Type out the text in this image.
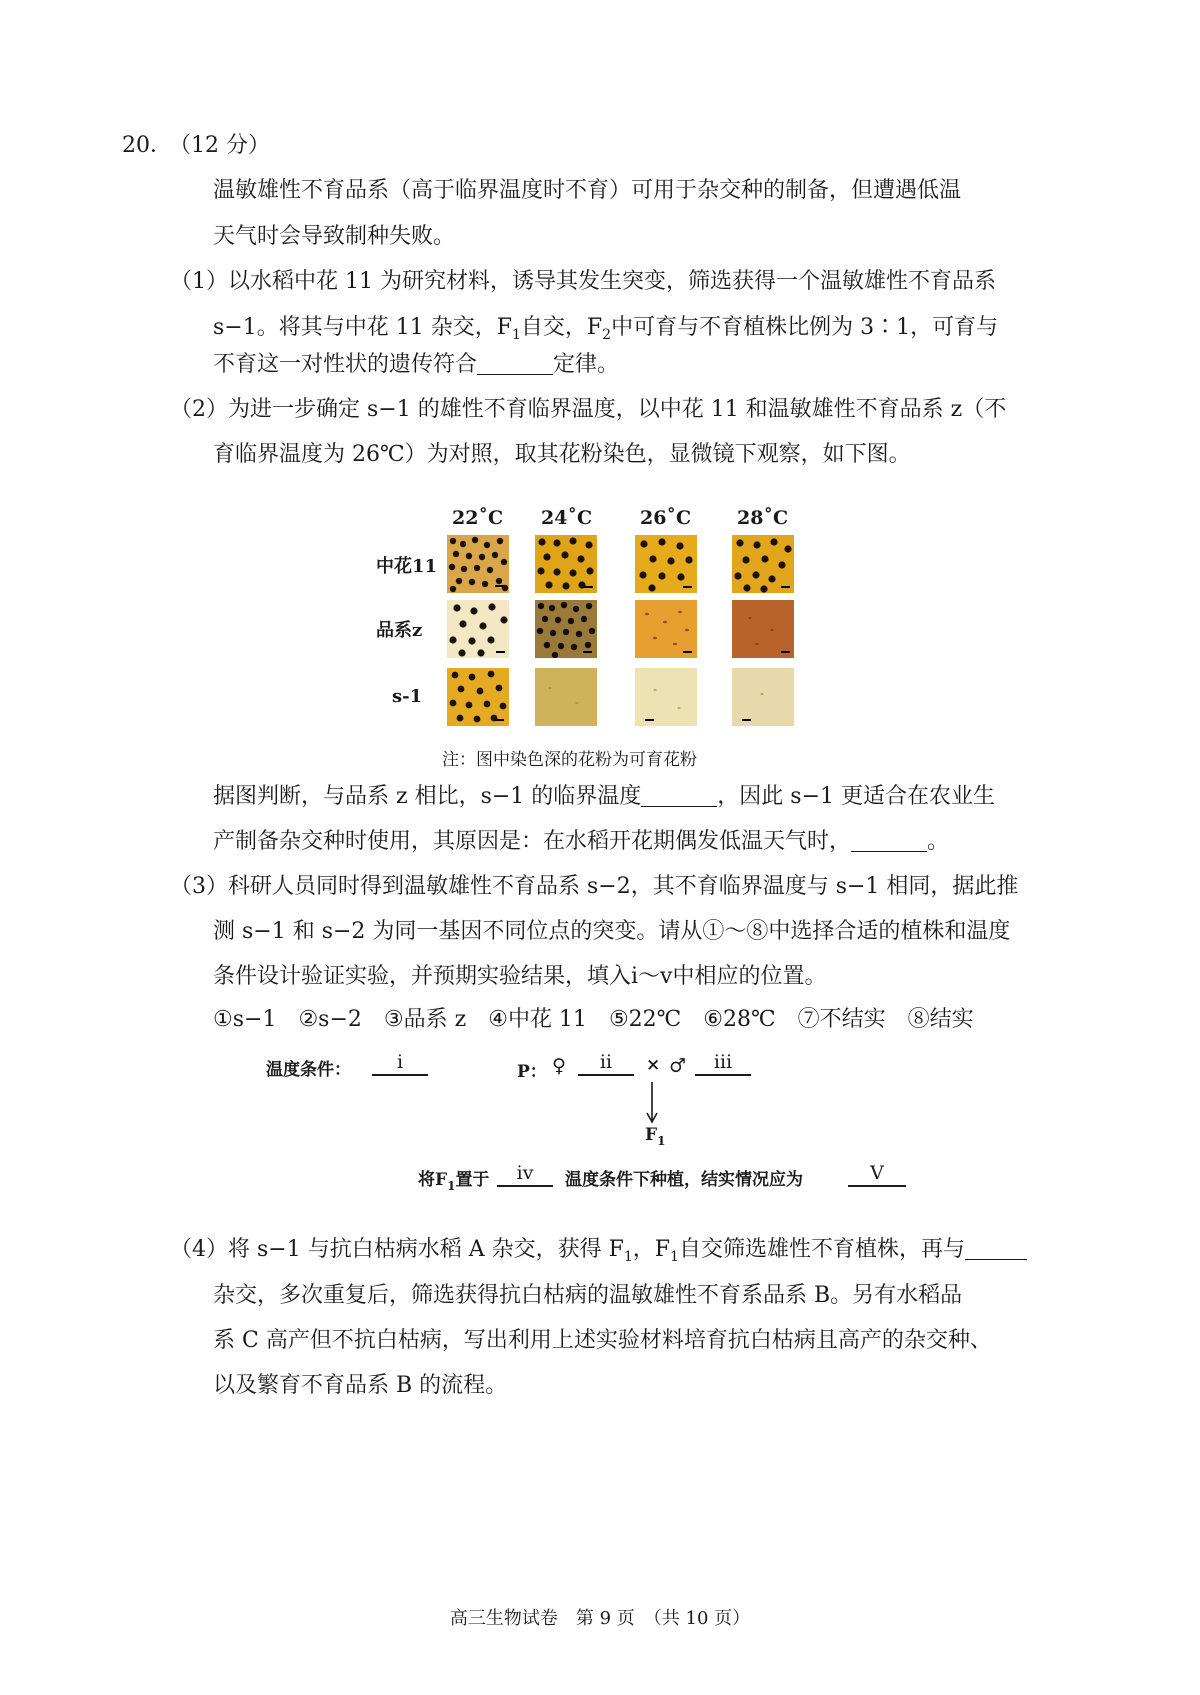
20． （12 分）
温敏雄性不育品系（高于临界温度时不育）可用于杂交种的制备，但遭遇低温
天气时会导致制种失败。
（1）以水稻中花 11 为研究材料，诱导其发生突变，筛选获得一个温敏雄性不育品系
s−1。将其与中花 11 杂交，$F_1$自交，$F_2$中可育与不育植株比例为 3∶1，可育与
不育这一对性状的遗传符合	定律。
（2）为进一步确定 s−1 的雄性不育临界温度，以中花 11 和温敏雄性不育品系 z（不
育临界温度为 26℃）为对照，取其花粉染色，显微镜下观察，如下图。
22˚C 24˚C	26˚C 28˚C
中花11
品系z
s-1
注：图中染色深的花粉为可育花粉
据图判断，与品系 z 相比，s−1 的临界温度	，因此 s−1 更适合在农业生
产制备杂交种时使用，其原因是：在水稻开花期偶发低温天气时，	。
（3）科研人员同时得到温敏雄性不育品系 s−2，其不育临界温度与 s−1 相同，据此推
测 s−1 和 s−2 为同一基因不同位点的突变。请从①～⑧中选择合适的植株和温度
条件设计验证实验，并预期实验结果，填入ⅰ～ⅴ中相应的位置。
①s−1 ②s−2 ③品系 z ④中花 11 ⑤22℃ ⑥28℃ ⑦不结实 ⑧结实
温度条件：	ⅰ	P： ♀	ⅱ	× ♂	ⅲ
$F_1$
将$F_1$置于	ⅳ	温度条件下种植，结实情况应为	Ⅴ
（4）将 s−1 与抗白枯病水稻 A 杂交，获得 $F_1$，$F_1$自交筛选雄性不育植株，再与
杂交，多次重复后，筛选获得抗白枯病的温敏雄性不育系品系 B。另有水稻品
系 C 高产但不抗白枯病，写出利用上述实验材料培育抗白枯病且高产的杂交种、
以及繁育不育品系 B 的流程。
高三生物试卷　第 9 页　（共 10 页）
